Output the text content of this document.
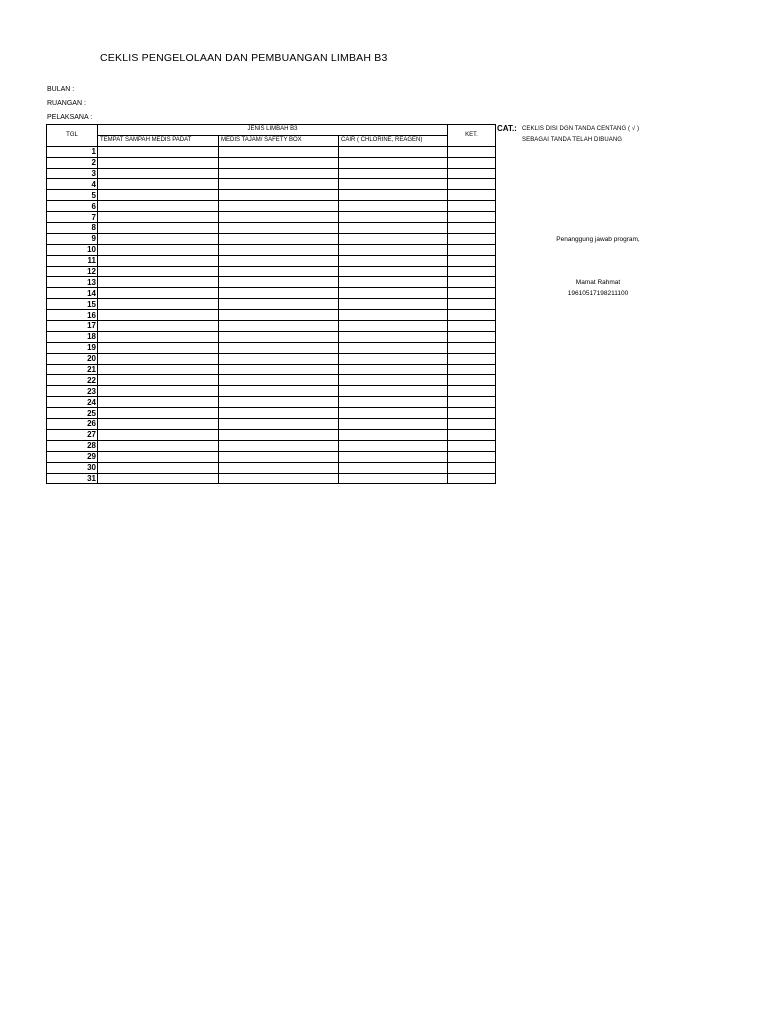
CEKLIS PENGELOLAAN DAN PEMBUANGAN LIMBAH B3
BULAN :
RUANGAN :
PELAKSANA :
TGL	JENIS LIMBAH B3			KET.
	TEMPAT SAMPAH MEDIS PADAT	MEDIS TAJAM/ SAFETY BOX	CAIR ( CHLORINE, REAGEN)	
1				
2				
3				
4				
5				
6				
7				
8				
9				
10				
11				
12				
13				
14				
15				
16				
17				
18				
19				
20				
21				
22				
23				
24				
25				
26				
27				
28				
29				
30				
31				
CAT.: CEKLIS DISI DGN TANDA CENTANG ( √ )
SEBAGAI TANDA TELAH DIBUANG
Penanggung jawab program,
Mamat Rahmat
19610517198211100
